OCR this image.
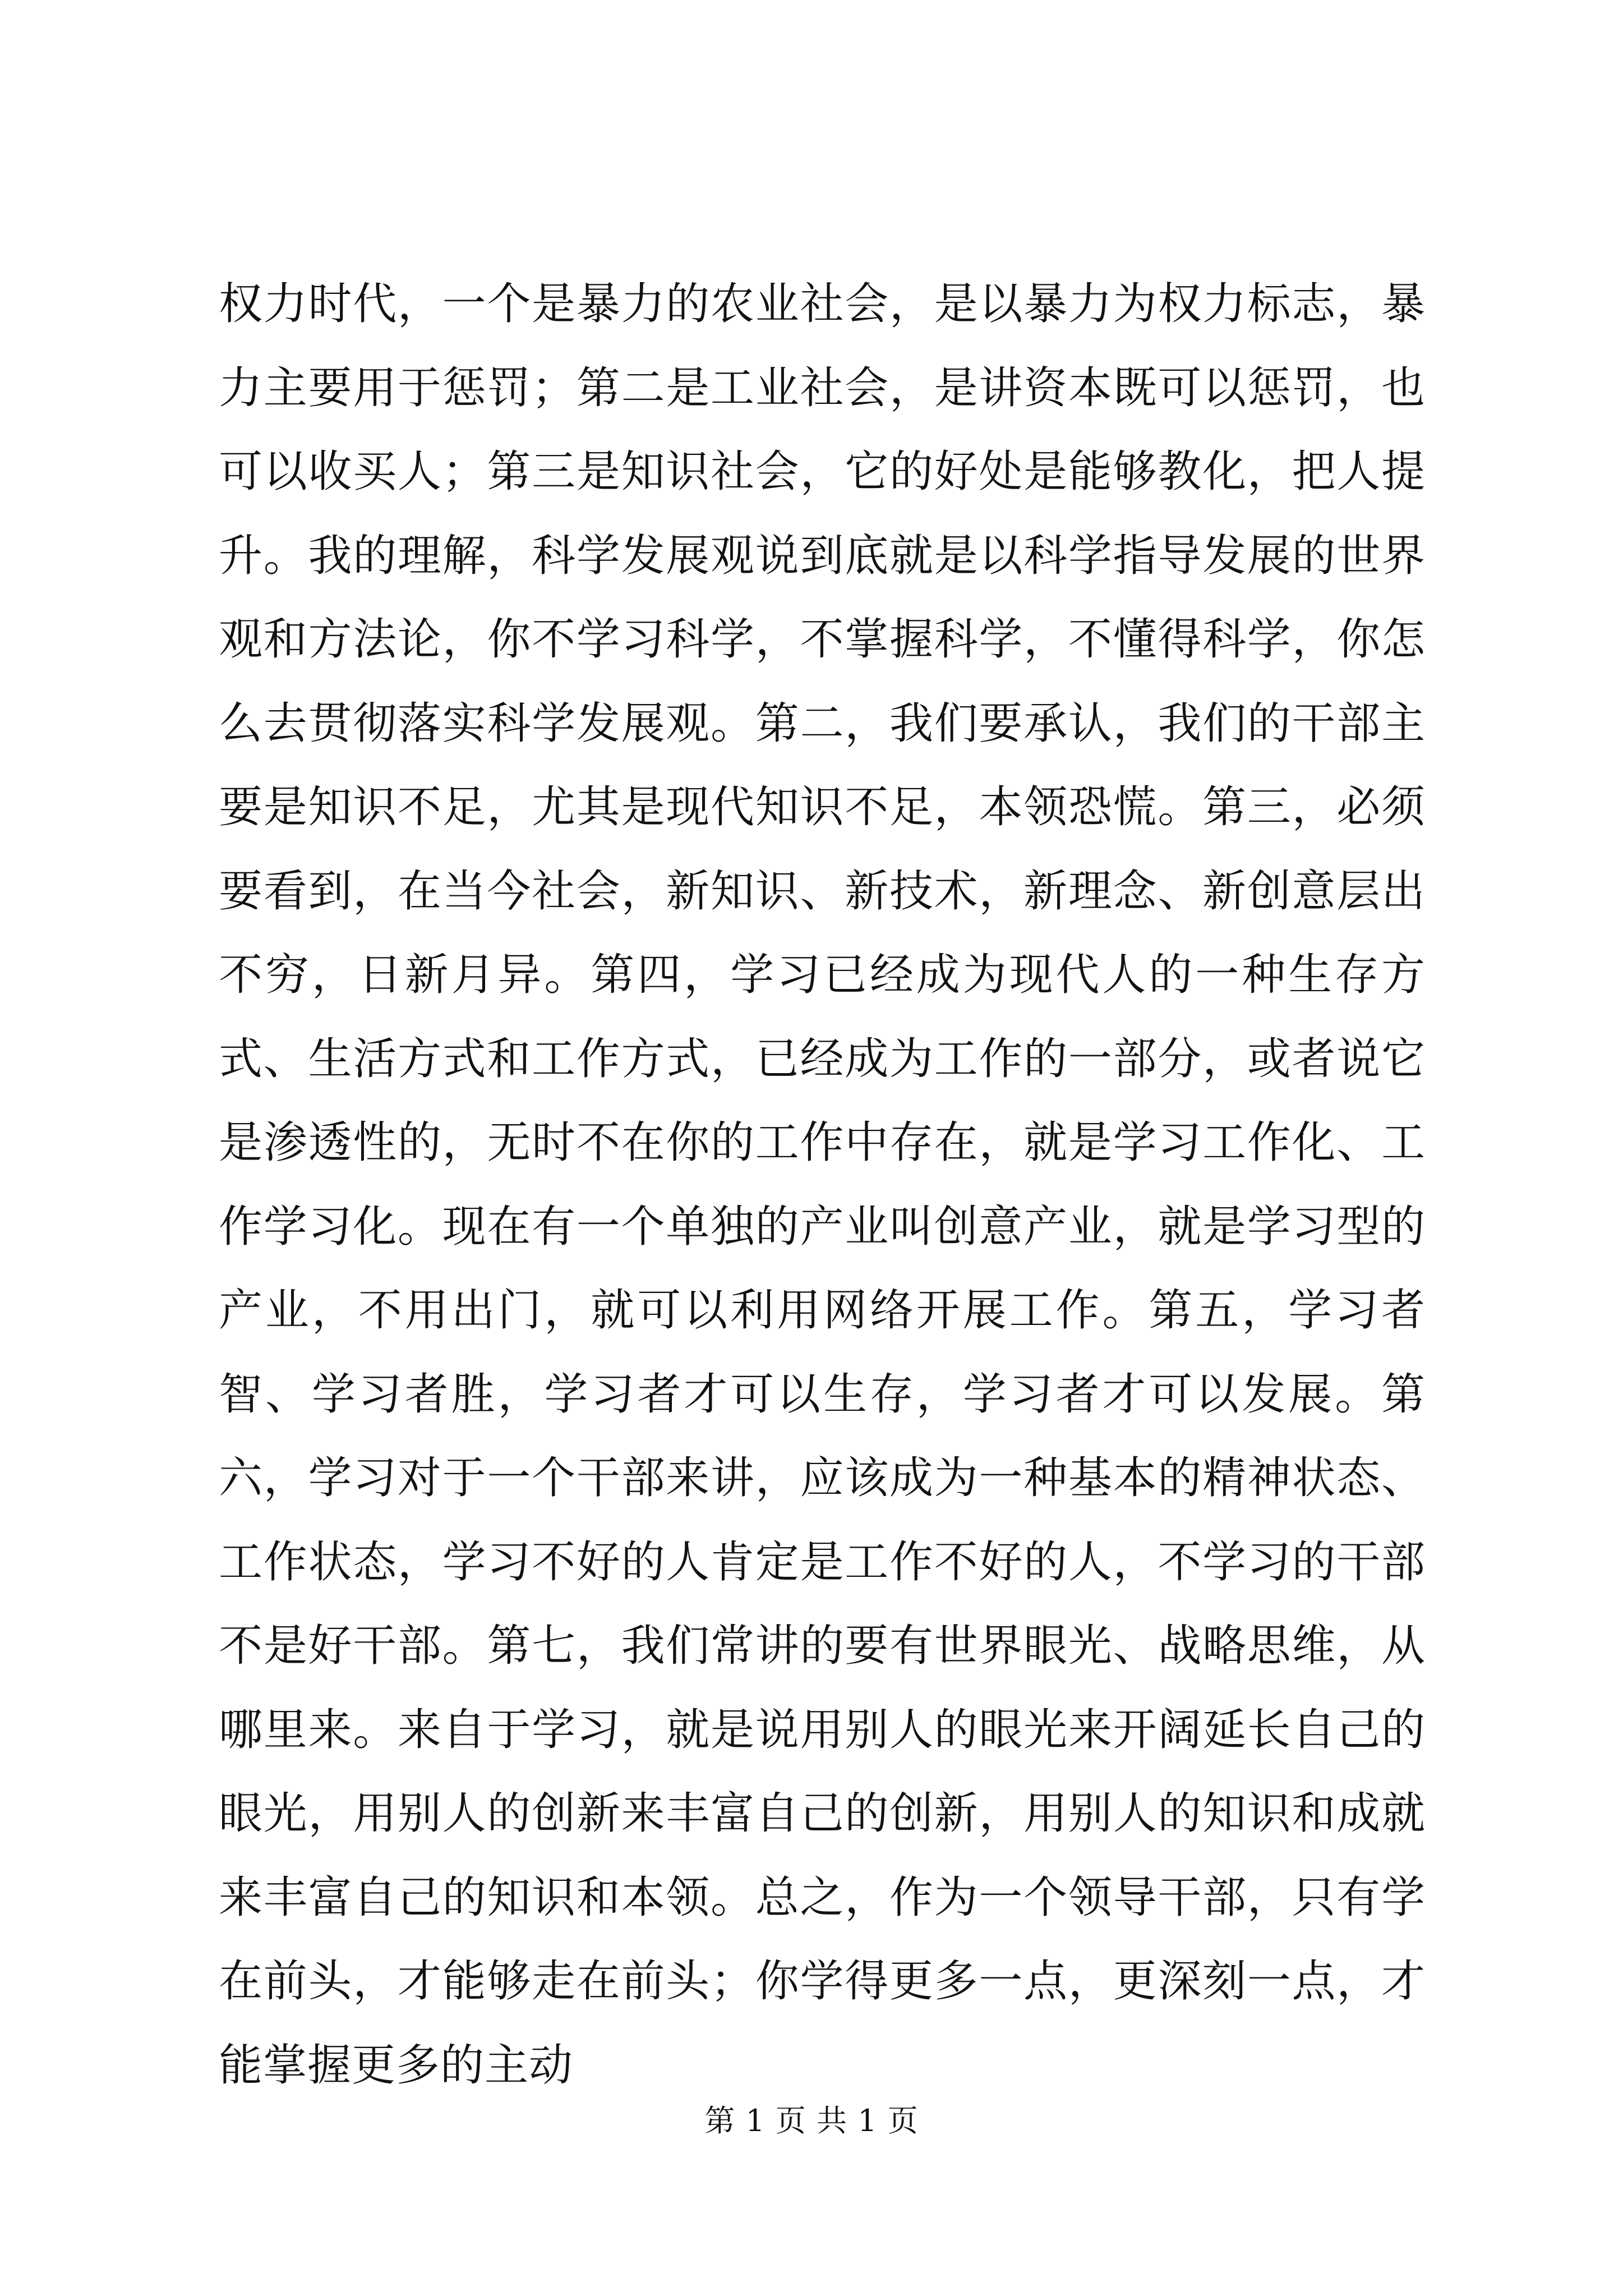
权力时代，一个是暴力的农业社会，是以暴力为权力标志，暴力主要用于惩罚；第二是工业社会，是讲资本既可以惩罚，也可以收买人；第三是知识社会，它的好处是能够教化，把人提升。我的理解，科学发展观说到底就是以科学指导发展的世界观和方法论，你不学习科学，不掌握科学，不懂得科学，你怎么去贯彻落实科学发展观。第二，我们要承认，我们的干部主要是知识不足，尤其是现代知识不足，本领恐慌。第三，必须要看到，在当今社会，新知识、新技术，新理念、新创意层出不穷，日新月异。第四，学习已经成为现代人的一种生存方式、生活方式和工作方式，已经成为工作的一部分，或者说它是渗透性的，无时不在你的工作中存在，就是学习工作化、工作学习化。现在有一个单独的产业叫创意产业，就是学习型的产业，不用出门，就可以利用网络开展工作。第五，学习者智、学习者胜，学习者才可以生存，学习者才可以发展。第六，学习对于一个干部来讲，应该成为一种基本的精神状态、工作状态，学习不好的人肯定是工作不好的人，不学习的干部不是好干部。第七，我们常讲的要有世界眼光、战略思维，从哪里来。来自于学习，就是说用别人的眼光来开阔延长自己的眼光，用别人的创新来丰富自己的创新，用别人的知识和成就来丰富自己的知识和本领。总之，作为一个领导干部，只有学在前头，才能够走在前头；你学得更多一点，更深刻一点，才能掌握更多的主动

第 1 页 共 1 页
